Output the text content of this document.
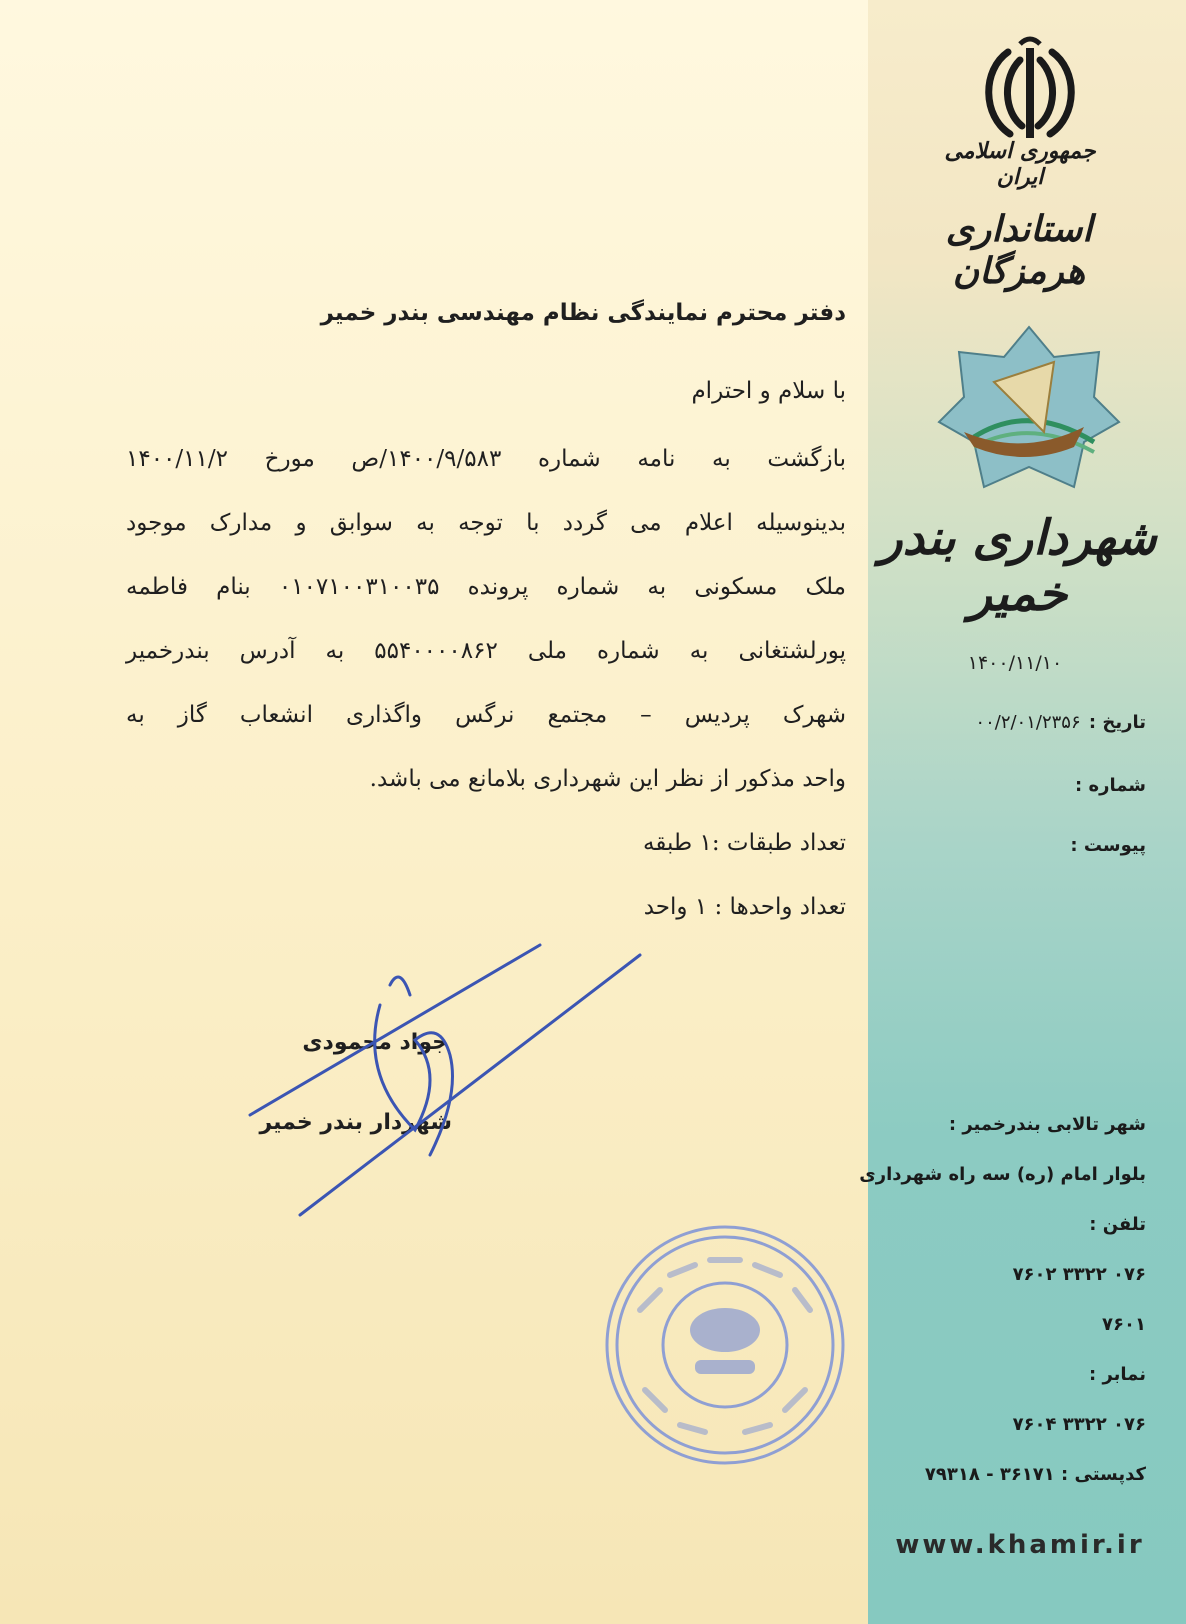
جمهوری اسلامی ایران
استانداری هرمزگان
شهرداری بندر خمیر
۱۴۰۰/۱۱/۱۰
تاریخ : ۰۰/۲/۰۱/۲۳۵۶
شماره :
پیوست :
دفتر محترم نمایندگی نظام مهندسی بندر خمیر
با سلام و احترام
بازگشت به نامه شماره ۱۴۰۰/۹/۵۸۳/ص مورخ ۱۴۰۰/۱۱/۲
بدینوسیله اعلام می گردد با توجه به سوابق و مدارک موجود
ملک مسکونی به شماره پرونده ۰۱۰۷۱۰۰۳۱۰۰۳۵ بنام فاطمه
پورلشتغانی به شماره ملی ۵۵۴۰۰۰۰۸۶۲ به آدرس بندرخمیر
شهرک پردیس – مجتمع نرگس واگذاری انشعاب گاز به
واحد مذکور از نظر این شهرداری بلامانع می باشد.
تعداد طبقات :۱ طبقه
تعداد واحدها : ۱ واحد
جواد محمودی
شهردار بندر خمیر	شهر تالابی بندرخمیر :
بلوار امام (ره) سه راه شهرداری
تلفن :
۰۷۶ ۳۳۲۲ ۷۶۰۲
۷۶۰۱
نمابر :
۰۷۶ ۳۳۲۲ ۷۶۰۴
کدپستی : ۳۶۱۷۱ - ۷۹۳۱۸
www.khamir.ir
